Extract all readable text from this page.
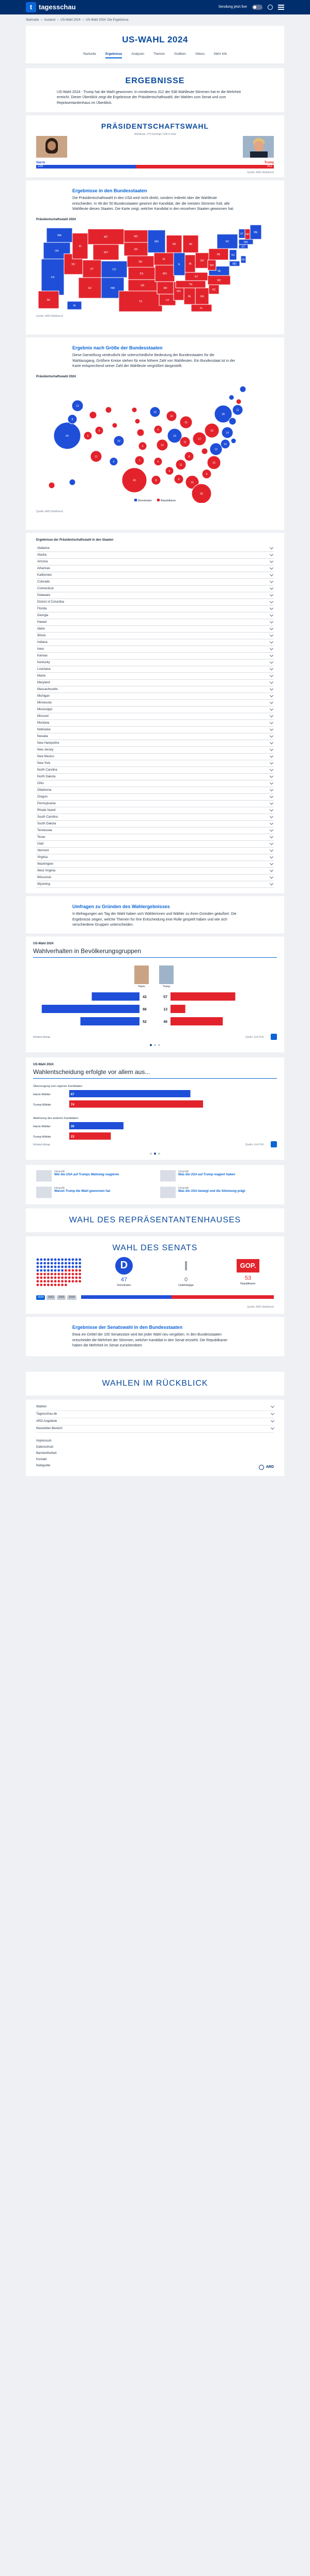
t tagesschau	Sendung jetzt live
Startseite › Ausland › US-Wahl 2024 › US-Wahl 2024: Die Ergebnisse
US-WAHL 2024
Startseite	Ergebnisse	Analysen	Themen	Grafiken	Videos	Mehr Info
ERGEBNISSE
US-Wahl 2024 - Trump hat die Wahl gewonnen: In mindestens 312 der 538 Wahlleute-Stimmen hat er die Mehrheit erreicht. Dieser Überblick zeigt die Ergebnisse der Präsidentschaftswahl, der Wahlen zum Senat und zum Repräsentantenhaus im Überblick.
PRÄSIDENTSCHAFTSWAHL
Wahlleute, 270 benötigt / 538 in total
Harris	Trump
226	312
Quelle: ARD-Wahltrend
Ergebnisse in den Bundesstaaten
Die Präsidentschaftswahl in den USA wird nicht direkt, sondern indirekt über die Wahlleute entschieden. In 48 der 50 Bundesstaaten gewinnt der Kandidat, der die meisten Stimmen holt, alle Wahlleute dieses Staates. Die Karte zeigt, welcher Kandidat in den einzelnen Staaten gewonnen hat.
Präsidentschaftswahl 2024
WA
OR
CA
NV
ID
MT
WY
UT
AZ
CO
NM
ND
SD
NE
KS
OK
TX
MN
IA
MO
AR
LA
WI
IL
MS
MI
IN
KY
TN
AL
OH
GA
FL
SC
NC
VA
WV
PA
NY
VT NH
ME
MA
CT
NJ
MD
DE
AK
HI
Quelle: ARD-Wahltrend
Ergebnis nach Größe der Bundesstaaten
Diese Darstellung verdeutlicht die unterschiedliche Bedeutung der Bundesstaaten für die Wahlausgang. Größere Kreise stehen für eine höhere Zahl von Wahlleuten. Ein Bundesstaat ist in der Karte entsprechend seiner Zahl der Wahlleute vergrößert dargestellt.
Präsidentschaftswahl 2024
54
12
8
6
11
6
10
5
6
7
40
10
6
10
6
8
10
19
6
15
11
8
11
9
17
16
30
9
16
13
19
28
11
14
10
Demokraten	Republikaner
Quelle: ARD-Wahltrend
Ergebnisse der Präsidentschaftswahl in den Staaten
Alabama
Alaska
Arizona
Arkansas
Kalifornien
Colorado
Connecticut
Delaware
District of Columbia
Florida
Georgia
Hawaii
Idaho
Illinois
Indiana
Iowa
Kansas
Kentucky
Louisiana
Maine
Maryland
Massachusetts
Michigan
Minnesota
Mississippi
Missouri
Montana
Nebraska
Nevada
New Hampshire
New Jersey
New Mexico
New York
North Carolina
North Dakota
Ohio
Oklahoma
Oregon
Pennsylvania
Rhode Island
South Carolina
South Dakota
Tennessee
Texas
Utah
Vermont
Virginia
Washington
West Virginia
Wisconsin
Wyoming
Umfragen zu Gründen des Wahlergebnisses
In Befragungen am Tag der Wahl haben sich Wählerinnen und Wähler zu ihren Gründen geäußert. Die Ergebnisse zeigen, welche Themen für ihre Entscheidung eine Rolle gespielt haben und wie sich verschiedene Gruppen unterscheiden.
US-Wahl 2024
Wahlverhalten in Bevölkerungsgruppen
Harris	Trump
42	57
86	13
52	46
Infratest dimap	Quelle: Exit Poll
US-Wahl 2024
Wahlentscheidung erfolgte vor allem aus...
Überzeugung vom eigenen Kandidaten
Ablehnung des anderen Kandidaten
Harris-Wähler	67
Trump-Wähler	74
Harris-Wähler	30
Trump-Wähler	23
Infratest dimap	Quelle: Exit Poll
Infografik
Wie die USA auf Trumps Wahlsieg reagieren
Infografik
Was die USA auf Trump reagiert haben
Infografik
Warum Trump die Wahl gewonnen hat
Infografik
Was die USA bewegt und die Stimmung prägt
WAHL DES REPRÄSENTANTENHAUSES
WAHL DES SENATS
D
47
Demokraten
0
Unabhängige
GOP.
53
Republikaner
2024	2022	2020	2018
Quelle: ARD-Wahltrend
Ergebnisse der Senatswahl in den Bundesstaaten
Etwa ein Drittel der 100 Senatssitze wird bei jeder Wahl neu vergeben. In den Bundesstaaten entscheidet die Mehrheit der Stimmen, welcher Kandidat in den Senat einzieht. Die Republikaner haben die Mehrheit im Senat zurückerobert.
WAHLEN IM RÜCKBLICK
Wahlen
Tagesschau.de
ARD-Angebote
Newsletter-Bereich
Impressum
Datenschutz
Barrierefreiheit
Kontakt
Netiquette	ARD
